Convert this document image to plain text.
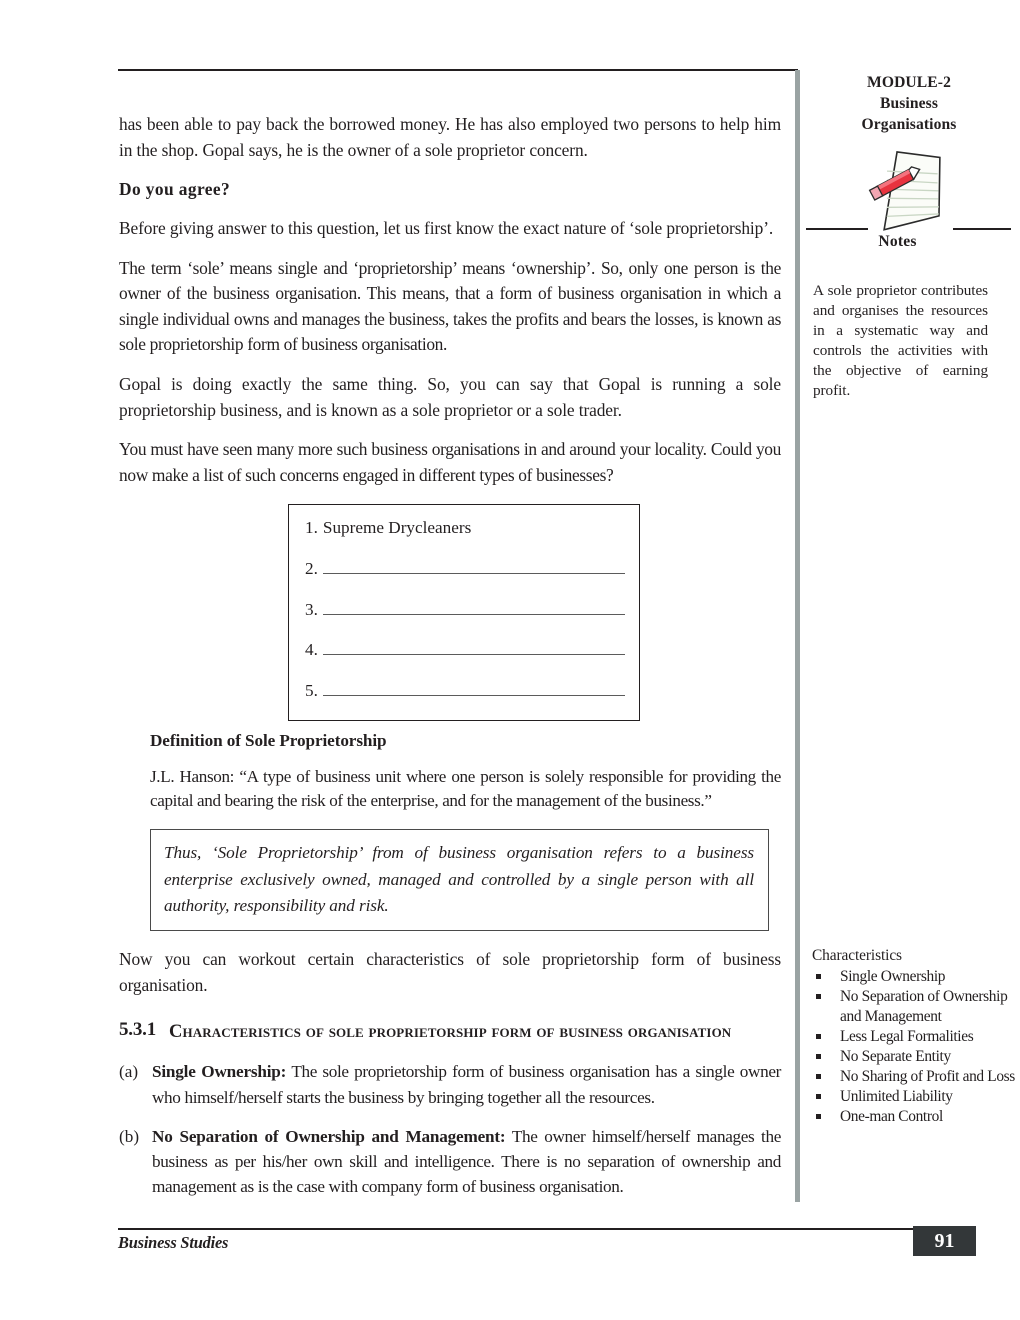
has been able to pay back the borrowed money. He has also employed two persons to help him in the shop. Gopal says, he is the owner of a sole proprietor concern.

Do you agree?

Before giving answer to this question, let us first know the exact nature of ‘sole proprietorship’.

The term ‘sole’ means single and ‘proprietorship’ means ‘ownership’. So, only one person is the owner of the business organisation. This means, that a form of business organisation in which a single individual owns and manages the business, takes the profits and bears the losses, is known as sole proprietorship form of business organisation.

Gopal is doing exactly the same thing. So, you can say that Gopal is running a sole proprietorship business, and is known as a sole proprietor or a sole trader.

You must have seen many more such business organisations in and around your locality. Could you now make a list of such concerns engaged in different types of businesses?

1. Supreme Drycleaners
2.
3.
4.
5.
Definition of Sole Proprietorship

J.L. Hanson: “A type of business unit where one person is solely responsible for providing the capital and bearing the risk of the enterprise, and for the management of the business.”

Thus, ‘Sole Proprietorship’ from of business organisation refers to a business enterprise exclusively owned, managed and controlled by a single person with all authority, responsibility and risk.

Now you can workout certain characteristics of sole proprietorship form of business organisation.

5.3.1 characteristics of sole proprietorship form of business organisation
(a) Single Ownership: The sole proprietorship form of business organisation has a single owner who himself/herself starts the business by bringing together all the resources.
(b) No Separation of Ownership and Management: The owner himself/herself manages the business as per his/her own skill and intelligence. There is no separation of ownership and management as is the case with company form of business organisation.
MODULE-2
Business
Organisations
Notes

A sole proprietor contributes and organises the resources in a systematic way and controls the activities with the objective of earning profit.

Characteristics
Single Ownership
No Separation of Ownership and Management
Less Legal Formalities
No Separate Entity
No Sharing of Profit and Loss
Unlimited Liability
One-man Control
Business Studies	91
